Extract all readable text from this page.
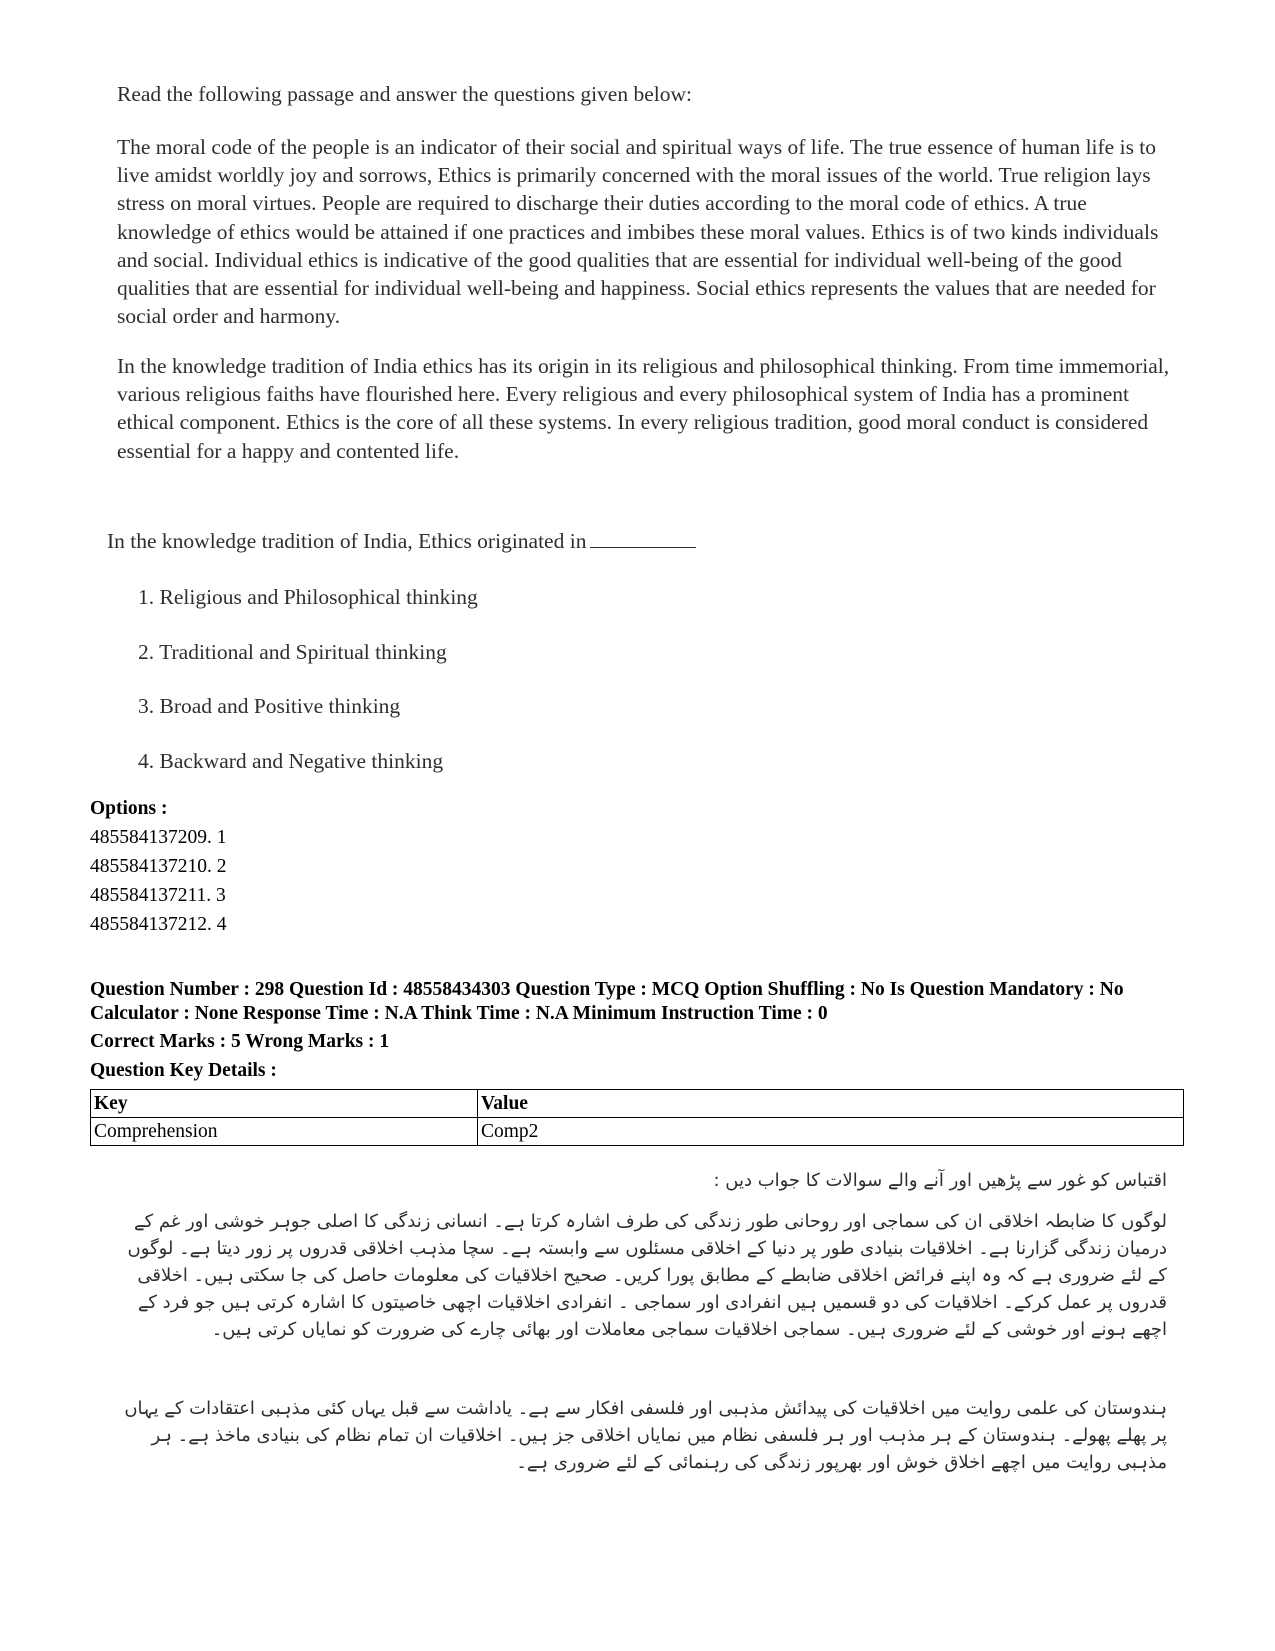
Read the following passage and answer the questions given below:
The moral code of the people is an indicator of their social and spiritual ways of life. The true essence of human life is to live amidst worldly joy and sorrows, Ethics is primarily concerned with the moral issues of the world. True religion lays stress on moral virtues. People are required to discharge their duties according to the moral code of ethics. A true knowledge of ethics would be attained if one practices and imbibes these moral values. Ethics is of two kinds individuals and social. Individual ethics is indicative of the good qualities that are essential for individual well-being of the good qualities that are essential for individual well-being and happiness. Social ethics represents the values that are needed for social order and harmony.
In the knowledge tradition of India ethics has its origin in its religious and philosophical thinking. From time immemorial, various religious faiths have flourished here. Every religious and every philosophical system of India has a prominent ethical component. Ethics is the core of all these systems. In every religious tradition, good moral conduct is considered essential for a happy and contented life.
In the knowledge tradition of India, Ethics originated in
1. Religious and Philosophical thinking
2. Traditional and Spiritual thinking
3. Broad and Positive thinking
4. Backward and Negative thinking
Options :
485584137209. 1
485584137210. 2
485584137211. 3
485584137212. 4
Question Number : 298 Question Id : 48558434303 Question Type : MCQ Option Shuffling : No Is Question Mandatory : No Calculator : None Response Time : N.A Think Time : N.A Minimum Instruction Time : 0
Correct Marks : 5 Wrong Marks : 1
Question Key Details :
Key	Value
Comprehension	Comp2
اقتباس کو غور سے پڑھیں اور آنے والے سوالات کا جواب دیں :
لوگوں کا ضابطہ اخلاقی ان کی سماجی اور روحانی طور زندگی کی طرف اشارہ کرتا ہے۔ انسانی زندگی کا اصلی جوہر خوشی اور غم کے درمیان زندگی گزارنا ہے۔ اخلاقیات بنیادی طور پر دنیا کے اخلاقی مسئلوں سے وابستہ ہے۔ سچا مذہب اخلاقی قدروں پر زور دیتا ہے۔ لوگوں کے لئے ضروری ہے کہ وہ اپنے فرائض اخلاقی ضابطے کے مطابق پورا کریں۔ صحیح اخلاقیات کی معلومات حاصل کی جا سکتی ہیں۔ اخلاقی قدروں پر عمل کرکے۔ اخلاقیات کی دو قسمیں ہیں انفرادی اور سماجی ۔ انفرادی اخلاقیات اچھی خاصیتوں کا اشارہ کرتی ہیں جو فرد کے اچھے ہونے اور خوشی کے لئے ضروری ہیں۔ سماجی اخلاقیات سماجی معاملات اور بھائی چارے کی ضرورت کو نمایاں کرتی ہیں۔
ہندوستان کی علمی روایت میں اخلاقیات کی پیدائش مذہبی اور فلسفی افکار سے ہے۔ یاداشت سے قبل یہاں کئی مذہبی اعتقادات کے یہاں پر پھلے پھولے۔ ہندوستان کے ہر مذہب اور ہر فلسفی نظام میں نمایاں اخلاقی جز ہیں۔ اخلاقیات ان تمام نظام کی بنیادی ماخذ ہے۔ ہر مذہبی روایت میں اچھے اخلاق خوش اور بھرپور زندگی کی رہنمائی کے لئے ضروری ہے۔
